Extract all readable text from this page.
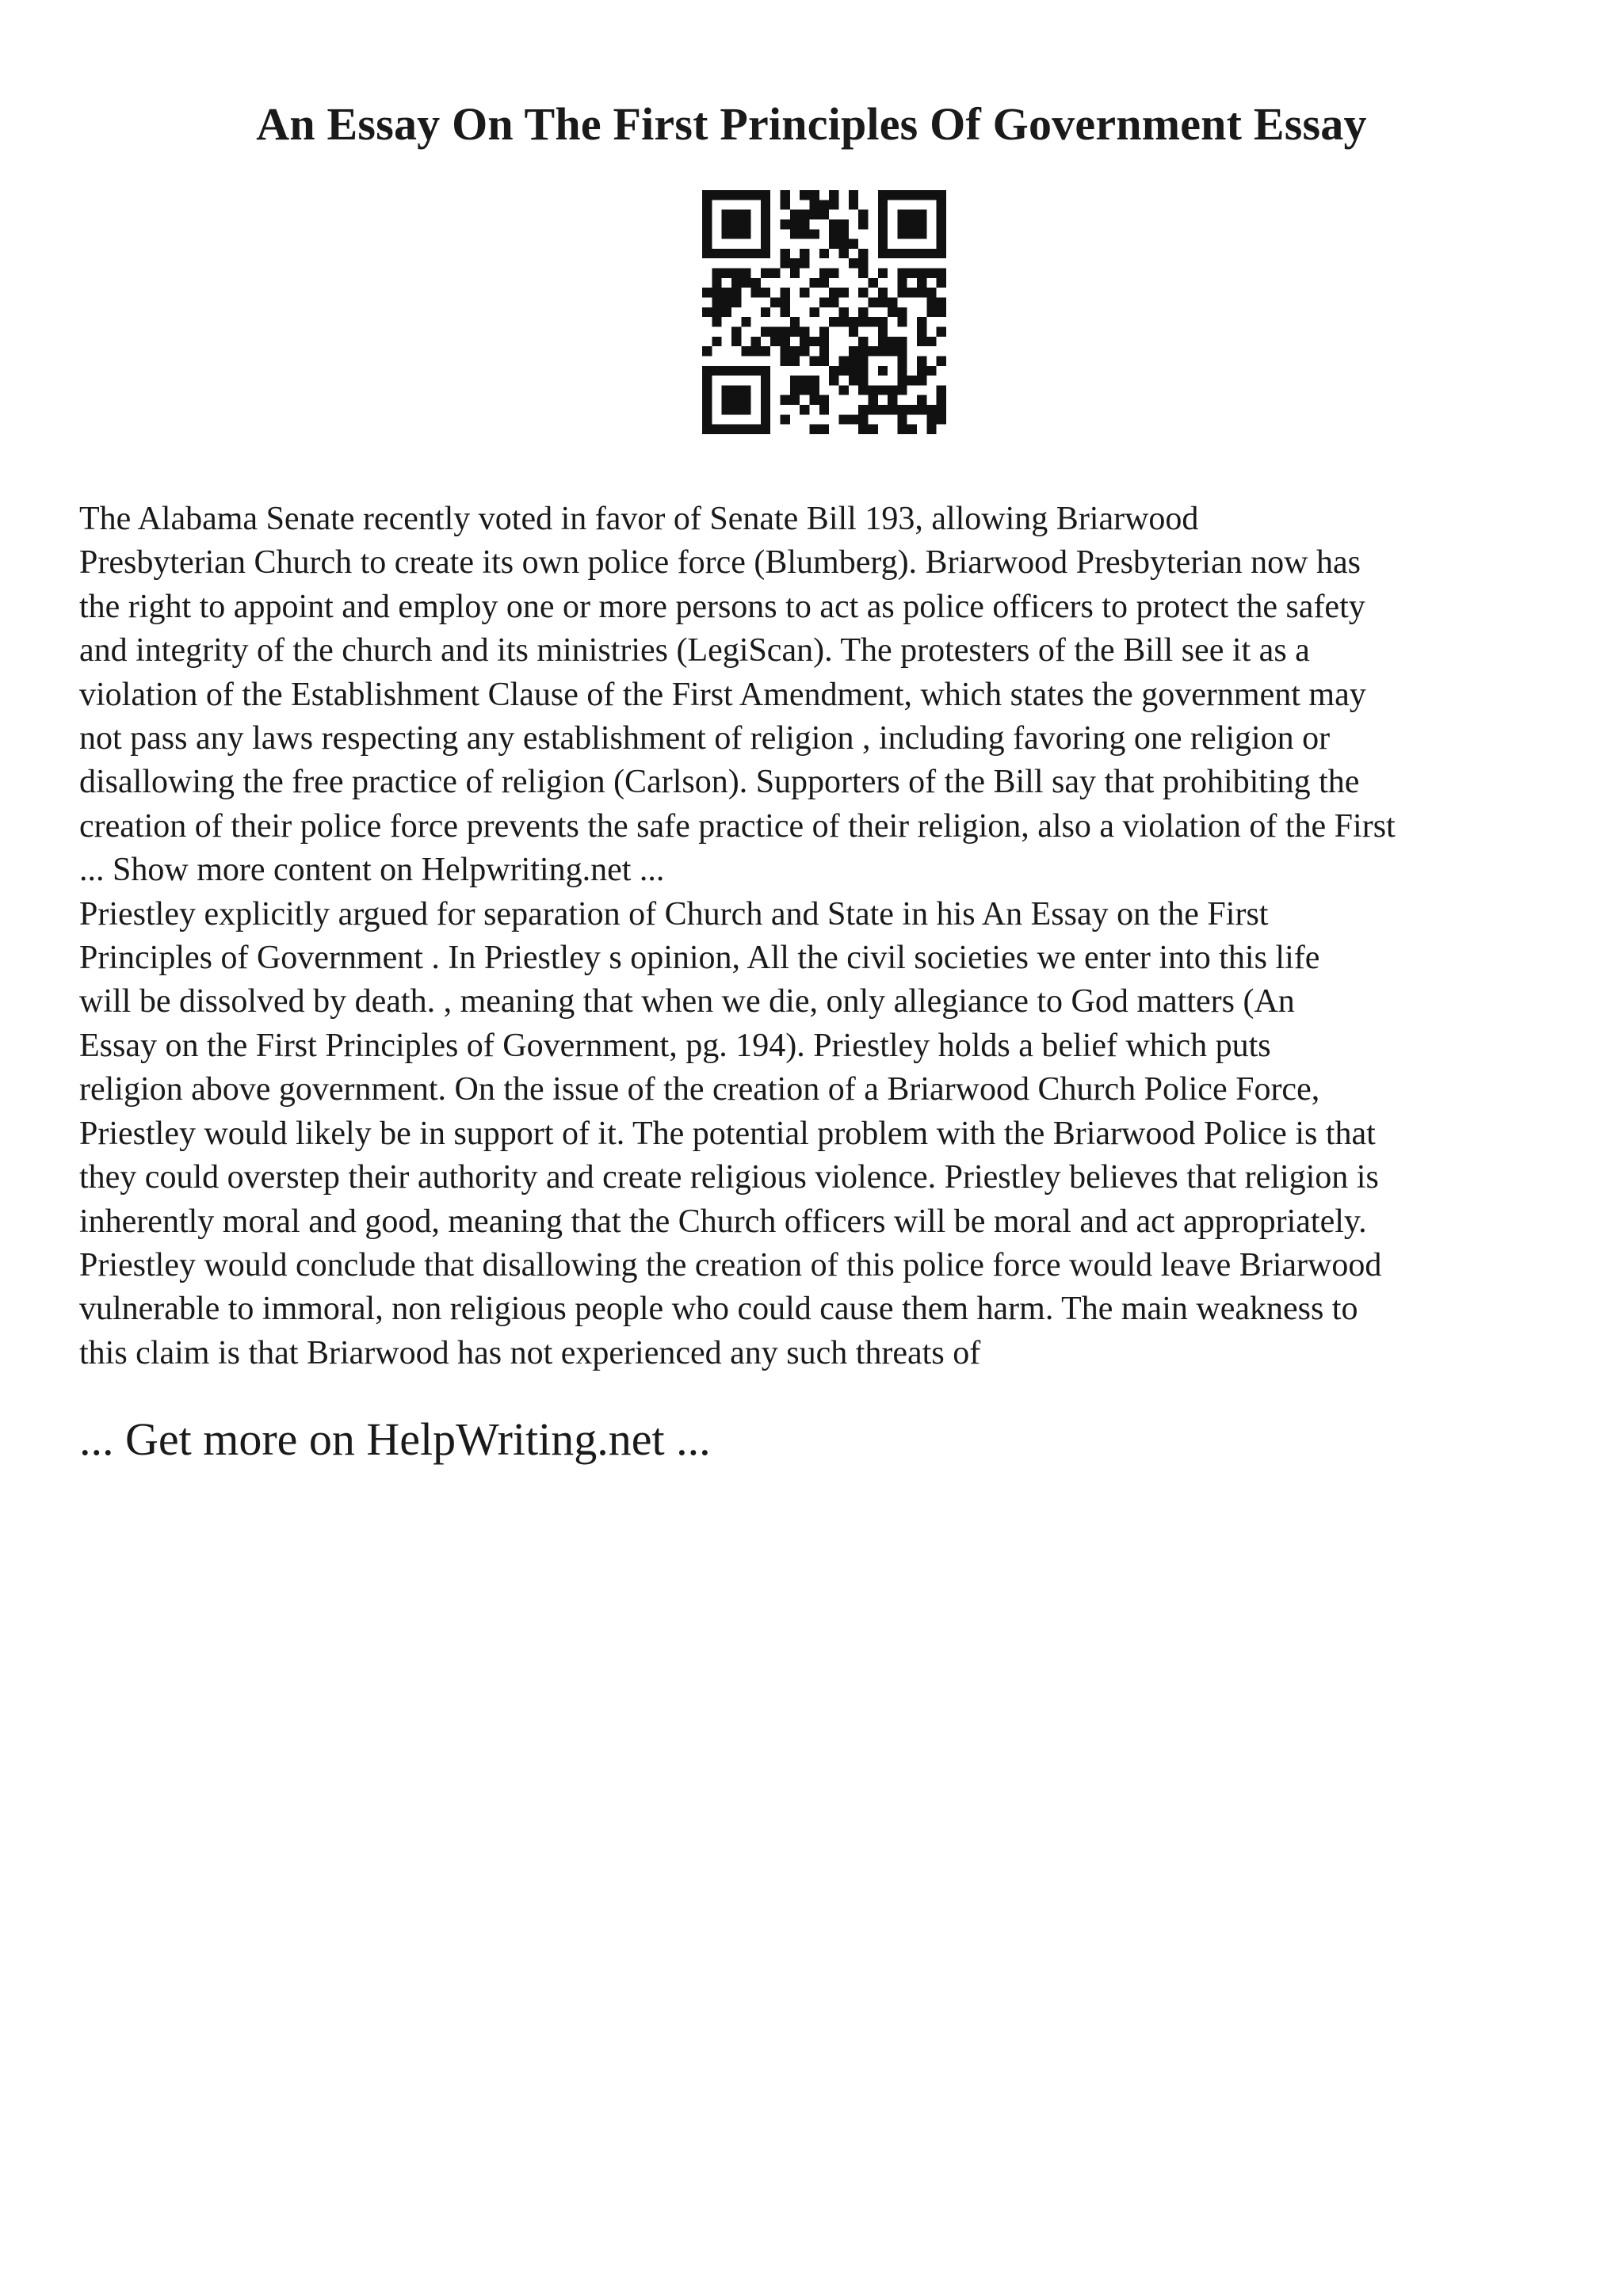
An Essay On The First Principles Of Government Essay
The Alabama Senate recently voted in favor of Senate Bill 193, allowing Briarwood
Presbyterian Church to create its own police force (Blumberg). Briarwood Presbyterian now has
the right to appoint and employ one or more persons to act as police officers to protect the safety
and integrity of the church and its ministries (LegiScan). The protesters of the Bill see it as a
violation of the Establishment Clause of the First Amendment, which states the government may
not pass any laws respecting any establishment of religion , including favoring one religion or
disallowing the free practice of religion (Carlson). Supporters of the Bill say that prohibiting the
creation of their police force prevents the safe practice of their religion, also a violation of the First
... Show more content on Helpwriting.net ...
Priestley explicitly argued for separation of Church and State in his An Essay on the First
Principles of Government . In Priestley s opinion, All the civil societies we enter into this life
will be dissolved by death. , meaning that when we die, only allegiance to God matters (An
Essay on the First Principles of Government, pg. 194). Priestley holds a belief which puts
religion above government. On the issue of the creation of a Briarwood Church Police Force,
Priestley would likely be in support of it. The potential problem with the Briarwood Police is that
they could overstep their authority and create religious violence. Priestley believes that religion is
inherently moral and good, meaning that the Church officers will be moral and act appropriately.
Priestley would conclude that disallowing the creation of this police force would leave Briarwood
vulnerable to immoral, non religious people who could cause them harm. The main weakness to
this claim is that Briarwood has not experienced any such threats of
... Get more on HelpWriting.net ...
